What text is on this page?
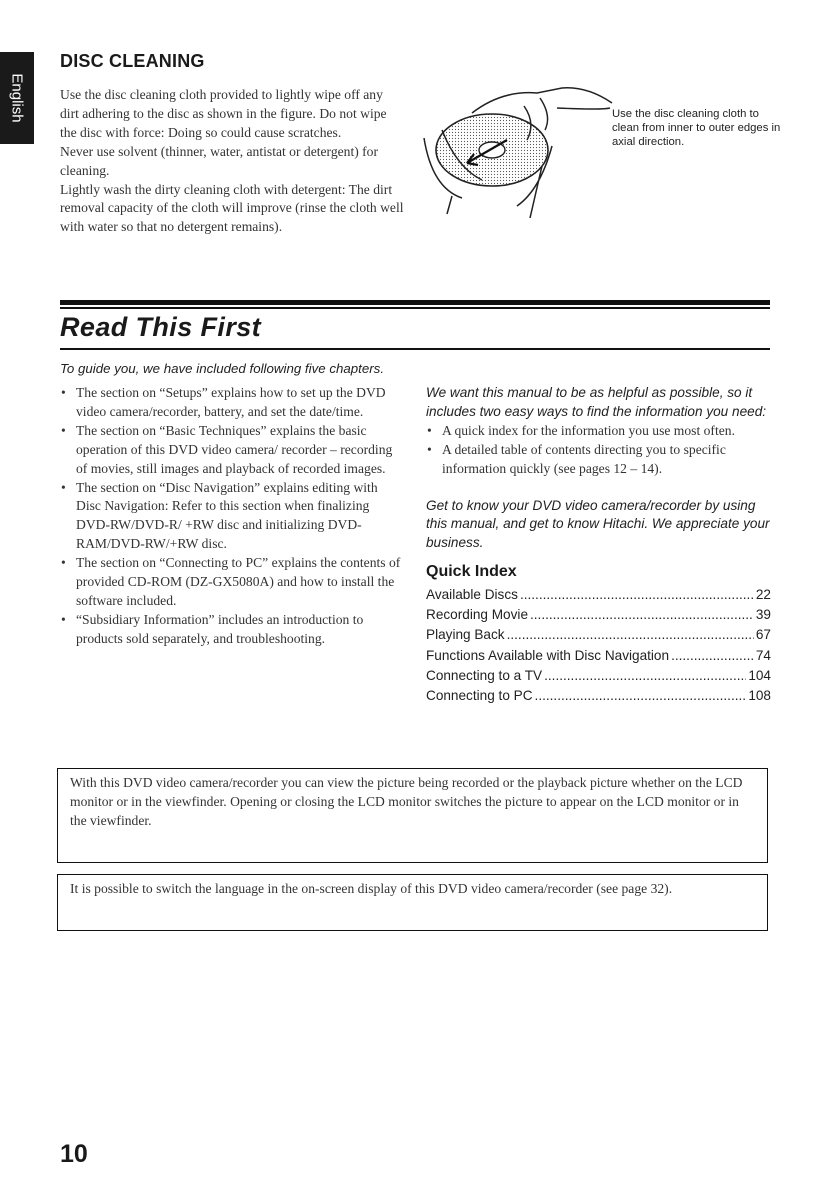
English
DISC CLEANING

Use the disc cleaning cloth provided to lightly wipe off any dirt adhering to the disc as shown in the figure. Do not wipe the disc with force: Doing so could cause scratches.

Never use solvent (thinner, water, antistat or detergent) for cleaning.

Lightly wash the dirty cleaning cloth with detergent: The dirt removal capacity of the cloth will improve (rinse the cloth well with water so that no detergent remains).

Use the disc cleaning cloth to clean from inner to outer edges in axial direction.
Read This First
To guide you, we have included following five chapters.
• The section on “Setups” explains how to set up the DVD video camera/recorder, battery, and set the date/time.
• The section on “Basic Techniques” explains the basic operation of this DVD video camera/ recorder – recording of movies, still images and playback of recorded images.
• The section on “Disc Navigation” explains editing with Disc Navigation: Refer to this section when finalizing DVD-RW/DVD-R/ +RW disc and initializing DVD-RAM/DVD-RW/+RW disc.
• The section on “Connecting to PC” explains the contents of provided CD-ROM (DZ-GX5080A) and how to install the software included.
• “Subsidiary Information” includes an introduction to products sold separately, and troubleshooting.

We want this manual to be as helpful as possible, so it includes two easy ways to find the information you need:

• A quick index for the information you use most often.
• A detailed table of contents directing you to specific information quickly (see pages 12 – 14).

Get to know your DVD video camera/recorder by using this manual, and get to know Hitachi. We appreciate your business.

Quick Index
Available Discs .....	22
Recording Movie .....	39
Playing Back .....	67
Functions Available with Disc Navigation .....	74
Connecting to a TV .....	104
Connecting to PC .....	108
With this DVD video camera/recorder you can view the picture being recorded or the playback picture whether on the LCD monitor or in the viewfinder. Opening or closing the LCD monitor switches the picture to appear on the LCD monitor or in the viewfinder.
It is possible to switch the language in the on-screen display of this DVD video camera/recorder (see page 32).
10
